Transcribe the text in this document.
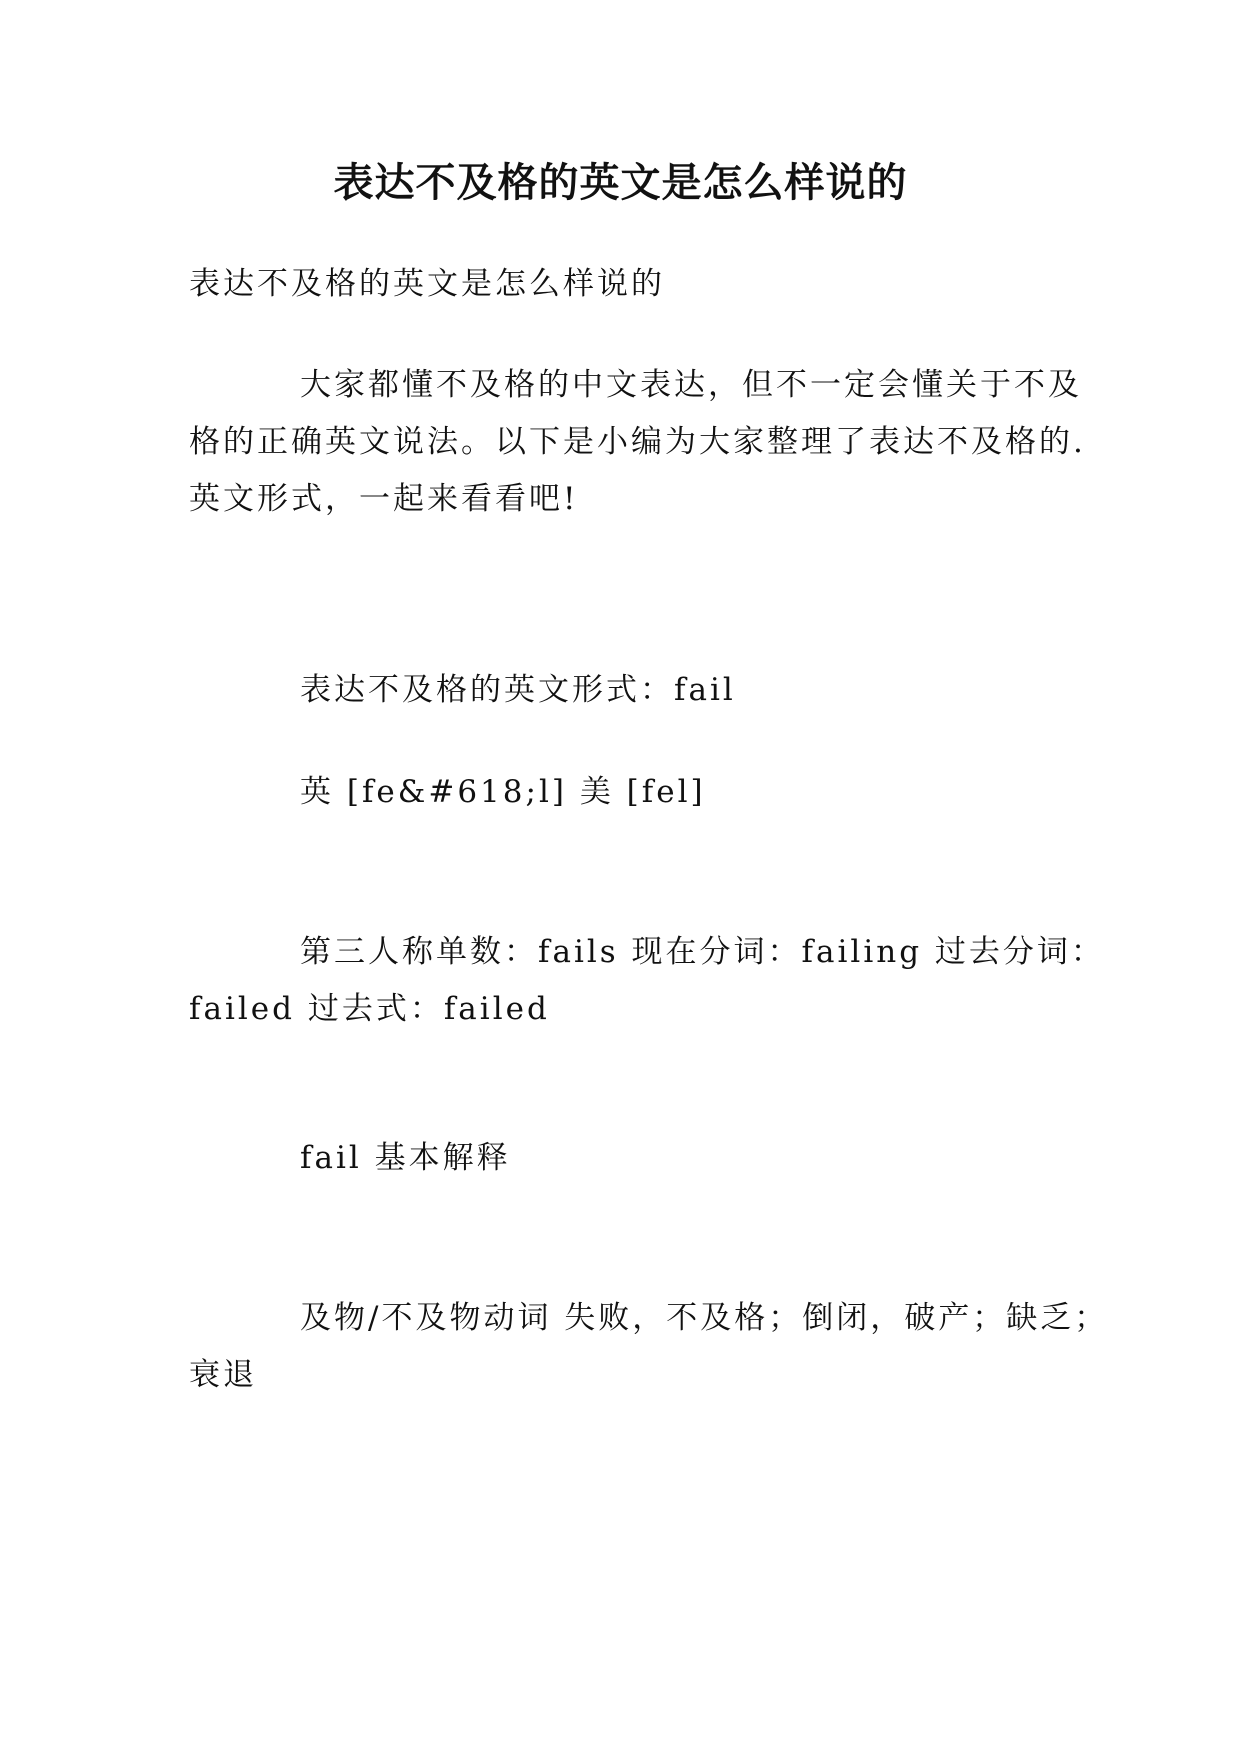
表达不及格的英文是怎么样说的
表达不及格的英文是怎么样说的
大家都懂不及格的中文表达，但不一定会懂关于不及
格的正确英文说法。以下是小编为大家整理了表达不及格的.
英文形式，一起来看看吧!
表达不及格的英文形式：fail
英 [fe&#618;l] 美 [fel]
第三人称单数：fails 现在分词：failing 过去分词：
failed 过去式：failed
fail 基本解释
及物/不及物动词 失败，不及格；倒闭，破产；缺乏；
衰退
